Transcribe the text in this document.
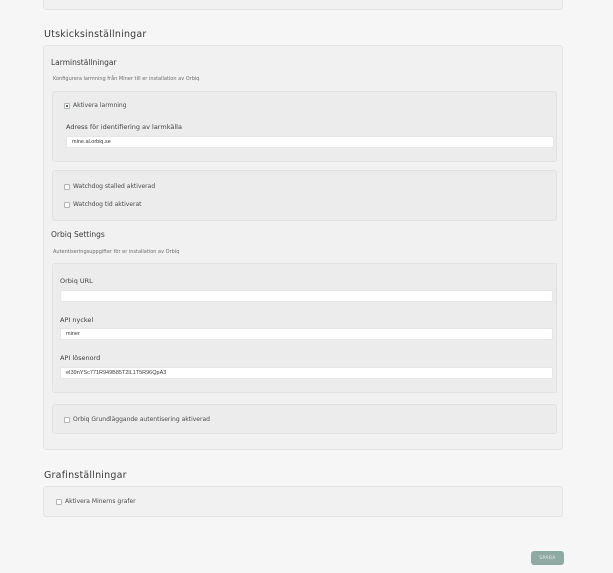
Utskicksinställningar
Larminställningar
Konfigurera larmning från Miner till er installation av Orbiq
Aktivera larmning
Adress för identifiering av larmkälla
mine.al.orbiq.se
Watchdog stalled aktiverad
Watchdog tid aktiverat
Orbiq Settings
Autentiseringsuppgifter för er installation av Orbiq
Orbiq URL
API nyckel
miner
API lösenord
eI39nYSc771R949B85T2lL1T5R96QpA3
Orbiq Grundläggande autentisering aktiverad
Grafinställningar
Aktivera Minerns grafer
SPARA
